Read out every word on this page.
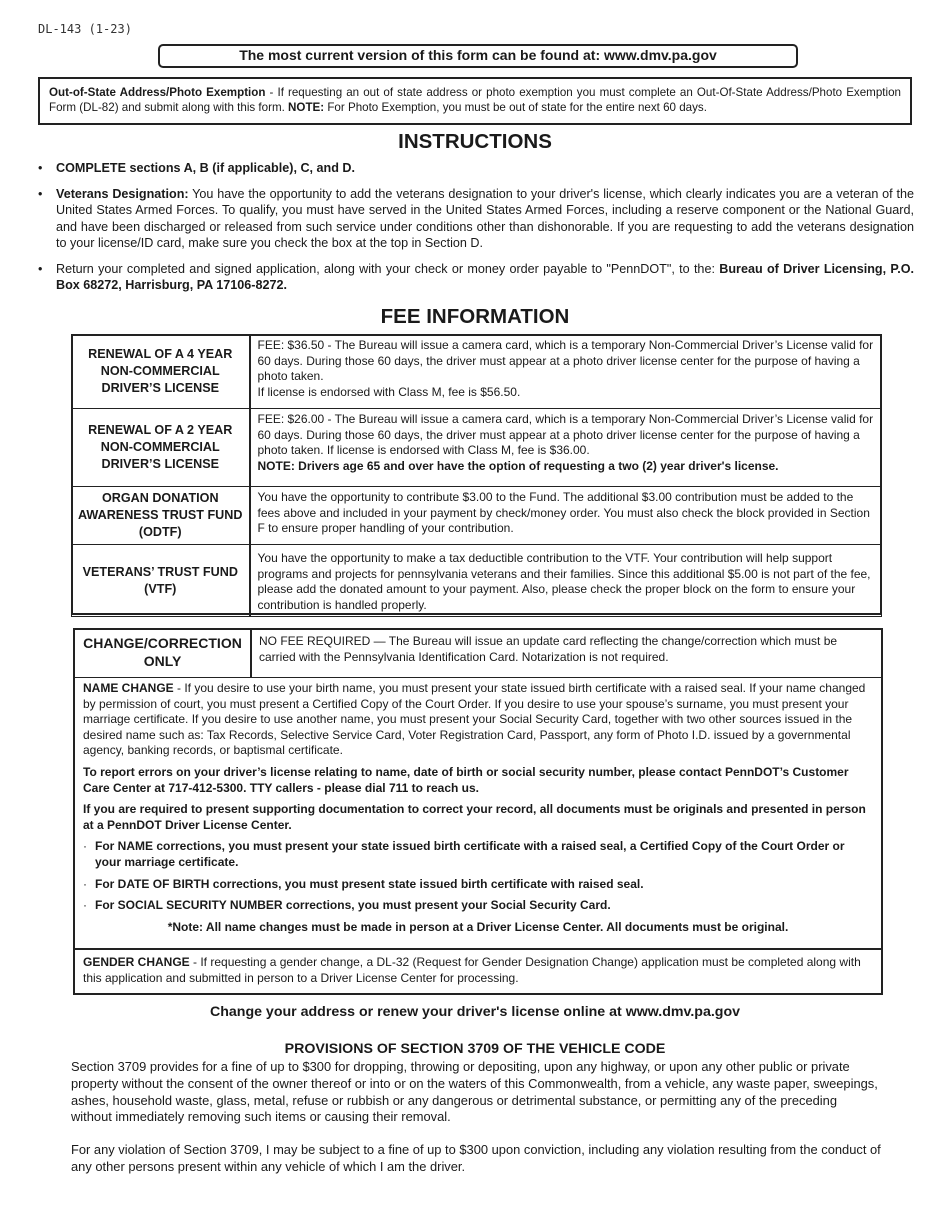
DL-143 (1-23)
The most current version of this form can be found at: www.dmv.pa.gov
Out-of-State Address/Photo Exemption - If requesting an out of state address or photo exemption you must complete an Out-Of-State Address/Photo Exemption Form (DL-82) and submit along with this form. NOTE: For Photo Exemption, you must be out of state for the entire next 60 days.
INSTRUCTIONS
• COMPLETE sections A, B (if applicable), C, and D.
• Veterans Designation: You have the opportunity to add the veterans designation to your driver's license, which clearly indicates you are a veteran of the United States Armed Forces. To qualify, you must have served in the United States Armed Forces, including a reserve component or the National Guard, and have been discharged or released from such service under conditions other than dishonorable. If you are requesting to add the veterans designation to your license/ID card, make sure you check the box at the top in Section D.
• Return your completed and signed application, along with your check or money order payable to "PennDOT", to the: Bureau of Driver Licensing, P.O. Box 68272, Harrisburg, PA 17106-8272.
FEE INFORMATION
RENEWAL OF A 4 YEAR NON-COMMERCIAL DRIVER’S LICENSE	FEE: $36.50 - The Bureau will issue a camera card, which is a temporary Non-Commercial Driver’s License valid for 60 days. During those 60 days, the driver must appear at a photo driver license center for the purpose of having a photo taken.
If license is endorsed with Class M, fee is $56.50.

RENEWAL OF A 2 YEAR NON-COMMERCIAL DRIVER’S LICENSE	FEE: $26.00 - The Bureau will issue a camera card, which is a temporary Non-Commercial Driver’s License valid for 60 days. During those 60 days, the driver must appear at a photo driver license center for the purpose of having a photo taken. If license is endorsed with Class M, fee is $36.00.
NOTE: Drivers age 65 and over have the option of requesting a two (2) year driver's license.

ORGAN DONATION AWARENESS TRUST FUND (ODTF)	You have the opportunity to contribute $3.00 to the Fund. The additional $3.00 contribution must be added to the fees above and included in your payment by check/money order. You must also check the block provided in Section F to ensure proper handling of your contribution.

VETERANS’ TRUST FUND (VTF)	You have the opportunity to make a tax deductible contribution to the VTF. Your contribution will help support programs and projects for pennsylvania veterans and their families. Since this additional $5.00 is not part of the fee, please add the donated amount to your payment. Also, please check the proper block on the form to ensure your contribution is handled properly.
CHANGE/CORRECTION ONLY
NO FEE REQUIRED — The Bureau will issue an update card reflecting the change/correction which must be carried with the Pennsylvania Identification Card. Notarization is not required.

NAME CHANGE - If you desire to use your birth name, you must present your state issued birth certificate with a raised seal. If your name changed by permission of court, you must present a Certified Copy of the Court Order. If you desire to use your spouse’s surname, you must present your marriage certificate. If you desire to use another name, you must present your Social Security Card, together with two other sources issued in the desired name such as: Tax Records, Selective Service Card, Voter Registration Card, Passport, any form of Photo I.D. issued by a governmental agency, banking records, or baptismal certificate.

To report errors on your driver’s license relating to name, date of birth or social security number, please contact PennDOT’s Customer Care Center at 717-412-5300. TTY callers - please dial 711 to reach us.

If you are required to present supporting documentation to correct your record, all documents must be originals and presented in person at a PennDOT Driver License Center.

· For NAME corrections, you must present your state issued birth certificate with a raised seal, a Certified Copy of the Court Order or your marriage certificate.
· For DATE OF BIRTH corrections, you must present state issued birth certificate with raised seal.
· For SOCIAL SECURITY NUMBER corrections, you must present your Social Security Card.
*Note: All name changes must be made in person at a Driver License Center. All documents must be original.
GENDER CHANGE - If requesting a gender change, a DL-32 (Request for Gender Designation Change) application must be completed along with this application and submitted in person to a Driver License Center for processing.
Change your address or renew your driver's license online at www.dmv.pa.gov
PROVISIONS OF SECTION 3709 OF THE VEHICLE CODE

Section 3709 provides for a fine of up to $300 for dropping, throwing or depositing, upon any highway, or upon any other public or private property without the consent of the owner thereof or into or on the waters of this Commonwealth, from a vehicle, any waste paper, sweepings, ashes, household waste, glass, metal, refuse or rubbish or any dangerous or detrimental substance, or permitting any of the preceding without immediately removing such items or causing their removal.

For any violation of Section 3709, I may be subject to a fine of up to $300 upon conviction, including any violation resulting from the conduct of any other persons present within any vehicle of which I am the driver.
